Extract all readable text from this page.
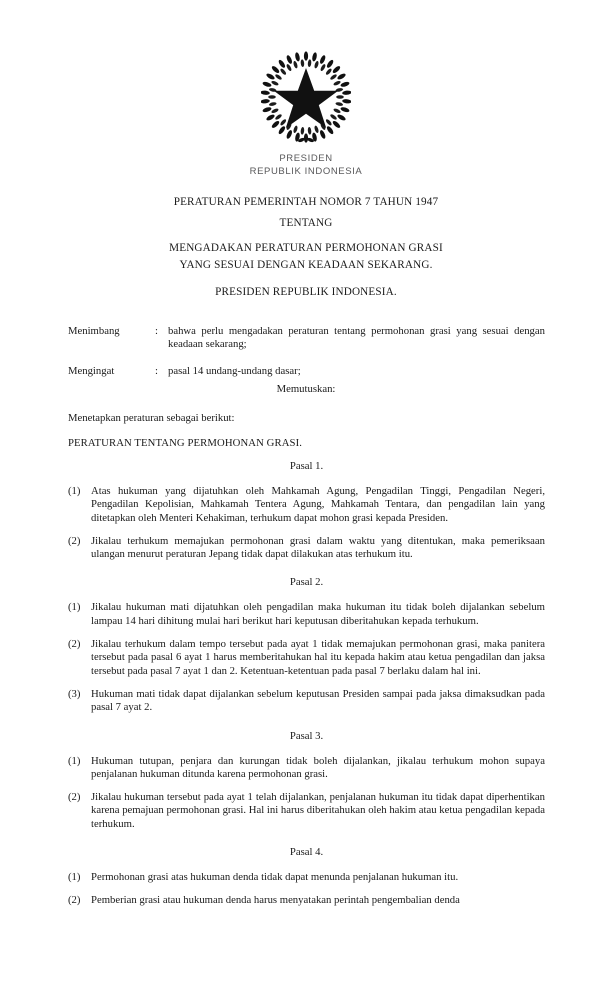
PRESIDEN
REPUBLIK INDONESIA
PERATURAN PEMERINTAH NOMOR 7 TAHUN 1947
TENTANG
MENGADAKAN PERATURAN PERMOHONAN GRASI
YANG SESUAI DENGAN KEADAAN SEKARANG.
PRESIDEN REPUBLIK INDONESIA.
Menimbang	: bahwa perlu mengadakan peraturan tentang permohonan grasi yang sesuai dengan keadaan sekarang;
Mengingat	: pasal 14 undang-undang dasar;
Memutuskan:
Menetapkan peraturan sebagai berikut:
PERATURAN TENTANG PERMOHONAN GRASI.
Pasal 1.
(1) Atas hukuman yang dijatuhkan oleh Mahkamah Agung, Pengadilan Tinggi, Pengadilan Negeri, Pengadilan Kepolisian, Mahkamah Tentera Agung, Mahkamah Tentara, dan pengadilan lain yang ditetapkan oleh Menteri Kehakiman, terhukum dapat mohon grasi kepada Presiden.
(2) Jikalau terhukum memajukan permohonan grasi dalam waktu yang ditentukan, maka pemeriksaan ulangan menurut peraturan Jepang tidak dapat dilakukan atas terhukum itu.
Pasal 2.
(1) Jikalau hukuman mati dijatuhkan oleh pengadilan maka hukuman itu tidak boleh dijalankan sebelum lampau 14 hari dihitung mulai hari berikut hari keputusan diberitahukan kepada terhukum.
(2) Jikalau terhukum dalam tempo tersebut pada ayat 1 tidak memajukan permohonan grasi, maka panitera tersebut pada pasal 6 ayat 1 harus memberitahukan hal itu kepada hakim atau ketua pengadilan dan jaksa tersebut pada pasal 7 ayat 1 dan 2. Ketentuan-ketentuan pada pasal 7 berlaku dalam hal ini.
(3) Hukuman mati tidak dapat dijalankan sebelum keputusan Presiden sampai pada jaksa dimaksudkan pada pasal 7 ayat 2.
Pasal 3.
(1) Hukuman tutupan, penjara dan kurungan tidak boleh dijalankan, jikalau terhukum mohon supaya penjalanan hukuman ditunda karena permohonan grasi.
(2) Jikalau hukuman tersebut pada ayat 1 telah dijalankan, penjalanan hukuman itu tidak dapat diperhentikan karena pemajuan permohonan grasi. Hal ini harus diberitahukan oleh hakim atau ketua pengadilan kepada terhukum.
Pasal 4.
(1) Permohonan grasi atas hukuman denda tidak dapat menunda penjalanan hukuman itu.
(2) Pemberian grasi atau hukuman denda harus menyatakan perintah pengembalian denda
